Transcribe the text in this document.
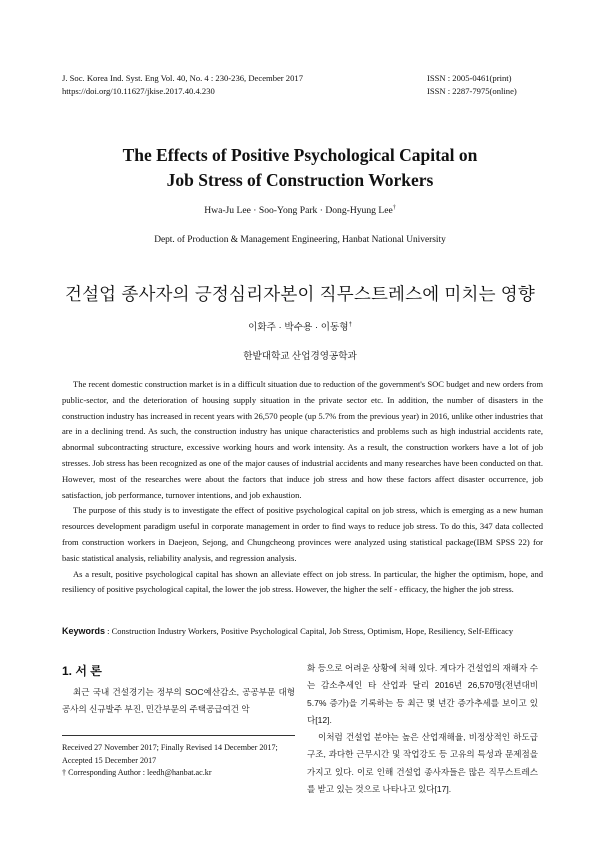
J. Soc. Korea Ind. Syst. Eng Vol. 40, No. 4 : 230-236, December 2017
https://doi.org/10.11627/jkise.2017.40.4.230
ISSN : 2005-0461(print)
ISSN : 2287-7975(online)
The Effects of Positive Psychological Capital on
Job Stress of Construction Workers
Hwa-Ju Lee · Soo-Yong Park · Dong-Hyung Lee†
Dept. of Production & Management Engineering, Hanbat National University
건설업 종사자의 긍정심리자본이 직무스트레스에 미치는 영향
이화주 · 박수용 · 이동형†
한밭대학교 산업경영공학과

The recent domestic construction market is in a difficult situation due to reduction of the government's SOC budget and new orders from public-sector, and the deterioration of housing supply situation in the private sector etc. In addition, the number of disasters in the construction industry has increased in recent years with 26,570 people (up 5.7% from the previous year) in 2016, unlike other industries that are in a declining trend. As such, the construction industry has unique characteristics and problems such as high industrial accidents rate, abnormal subcontracting structure, excessive working hours and work intensity. As a result, the construction workers have a lot of job stresses. Job stress has been recognized as one of the major causes of industrial accidents and many researches have been conducted on that. However, most of the researches were about the factors that induce job stress and how these factors affect disaster occurrence, job satisfaction, job performance, turnover intentions, and job exhaustion.

The purpose of this study is to investigate the effect of positive psychological capital on job stress, which is emerging as a new human resources development paradigm useful in corporate management in order to find ways to reduce job stress. To do this, 347 data collected from construction workers in Daejeon, Sejong, and Chungcheong provinces were analyzed using statistical package(IBM SPSS 22) for basic statistical analysis, reliability analysis, and regression analysis.

As a result, positive psychological capital has shown an alleviate effect on job stress. In particular, the higher the optimism, hope, and resiliency of positive psychological capital, the lower the job stress. However, the higher the self - efficacy, the higher the job stress.

Keywords : Construction Industry Workers, Positive Psychological Capital, Job Stress, Optimism, Hope, Resiliency, Self-Efficacy
1. 서 론

최근 국내 건설경기는 정부의 SOC예산감소, 공공부문 대형공사의 신규발주 부진, 민간부문의 주택공급여건 악

화 등으로 어려운 상황에 처해 있다. 게다가 건설업의 재해자 수는 감소추세인 타 산업과 달리 2016년 26,570명(전년대비 5.7% 증가)을 기록하는 등 최근 몇 년간 증가추세를 보이고 있다[12].

이처럼 건설업 분야는 높은 산업재해율, 비정상적인 하도급 구조, 과다한 근무시간 및 작업강도 등 고유의 특성과 문제점을 가지고 있다. 이로 인해 건설업 종사자들은 많은 직무스트레스를 받고 있는 것으로 나타나고 있다[17].

Received 27 November 2017; Finally Revised 14 December 2017;
Accepted 15 December 2017
† Corresponding Author : leedh@hanbat.ac.kr
